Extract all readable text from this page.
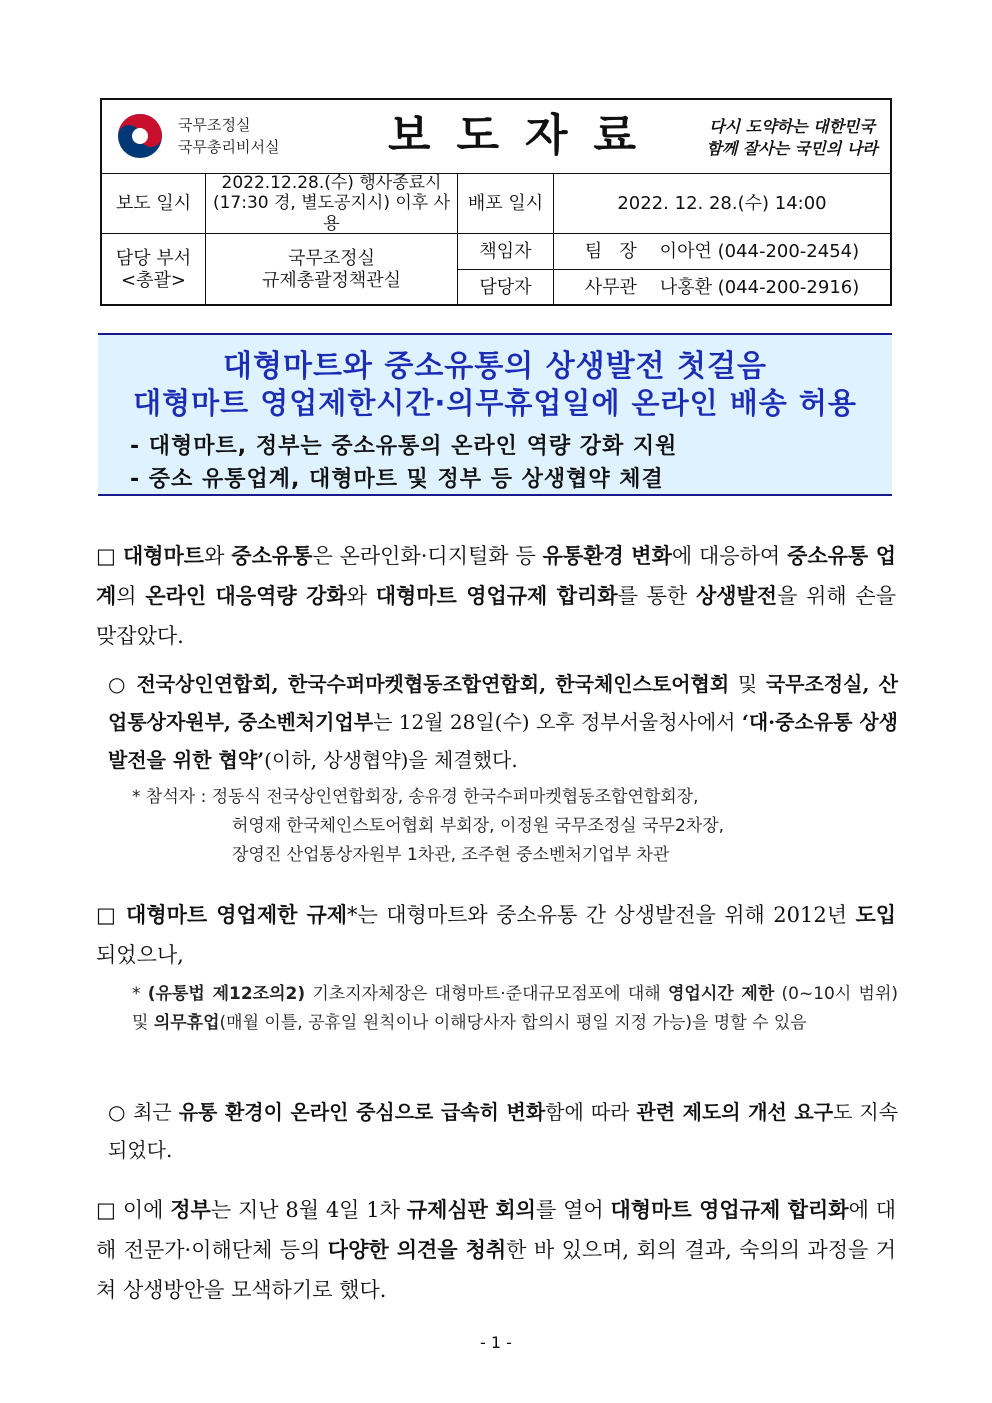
국무조정실
국무총리비서실 보도자료	다시 도약하는 대한민국
함께 잘사는 국민의 나라
보도 일시
2022.12.28.(수) 행사종료시
(17:30 경, 별도공지시) 이후 사용
배포 일시	2022. 12. 28.(수) 14:00
담당 부서
<총괄>
국무조정실
규제총괄정책관실
책임자
담당자
팀   장    이아연 (044-200-2454)
사무관    나홍환 (044-200-2916)
대형마트와 중소유통의 상생발전 첫걸음
대형마트 영업제한시간·의무휴업일에 온라인 배송 허용
- 대형마트, 정부는 중소유통의 온라인 역량 강화 지원
- 중소 유통업계, 대형마트 및 정부 등 상생협약 체결
□ 대형마트와 중소유통은 온라인화·디지털화 등 유통환경 변화에 대응하여 중소유통 업계의 온라인 대응역량 강화와 대형마트 영업규제 합리화를 통한 상생발전을 위해 손을 맞잡았다.
○ 전국상인연합회, 한국수퍼마켓협동조합연합회, 한국체인스토어협회 및 국무조정실, 산업통상자원부, 중소벤처기업부는 12월 28일(수) 오후 정부서울청사에서 ‘대·중소유통 상생발전을 위한 협약’(이하, 상생협약)을 체결했다.
* 참석자 : 정동식 전국상인연합회장, 송유경 한국수퍼마켓협동조합연합회장,
허영재 한국체인스토어협회 부회장, 이정원 국무조정실 국무2차장,
장영진 산업통상자원부 1차관, 조주현 중소벤처기업부 차관
□ 대형마트 영업제한 규제*는 대형마트와 중소유통 간 상생발전을 위해 2012년 도입되었으나,
* (유통법 제12조의2) 기초지자체장은 대형마트·준대규모점포에 대해 영업시간 제한 (0~10시 범위) 및 의무휴업(매월 이틀, 공휴일 원칙이나 이해당사자 합의시 평일 지정 가능)을 명할 수 있음
○ 최근 유통 환경이 온라인 중심으로 급속히 변화함에 따라 관련 제도의 개선 요구도 지속되었다.
□ 이에 정부는 지난 8월 4일 1차 규제심판 회의를 열어 대형마트 영업규제 합리화에 대해 전문가·이해단체 등의 다양한 의견을 청취한 바 있으며, 회의 결과, 숙의의 과정을 거쳐 상생방안을 모색하기로 했다.
- 1 -
